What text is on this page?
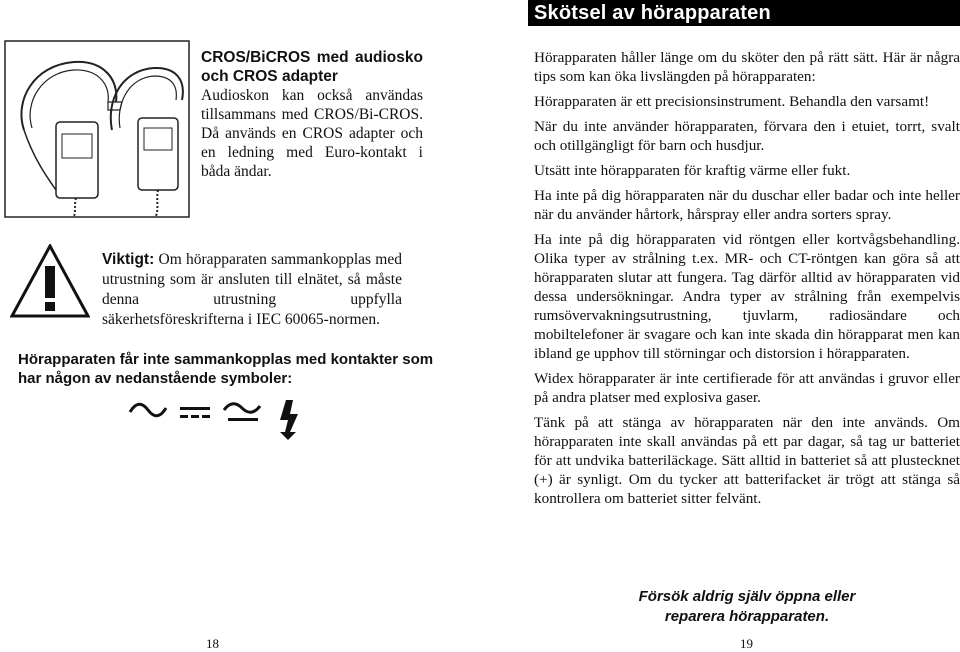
CROS/BiCROS med audiosko och CROS adapter
Audioskon kan också användas tillsammans med CROS/Bi-CROS. Då används en CROS adapter och en ledning med Euro-kontakt i båda ändar.
Viktigt: Om hörapparaten sammankopplas med utrustning som är ansluten till elnätet, så måste denna utrustning uppfylla säkerhetsföreskrifterna i IEC 60065-normen.
Hörapparaten får inte sammankopplas med kontakter som har någon av nedanstående symboler:
18
Skötsel av hörapparaten

Hörapparaten håller länge om du sköter den på rätt sätt. Här är några tips som kan öka livslängden på hörapparaten:

Hörapparaten är ett precisionsinstrument. Behandla den varsamt!

När du inte använder hörapparaten, förvara den i etuiet, torrt, svalt och otillgängligt för barn och husdjur.

Utsätt inte hörapparaten för kraftig värme eller fukt.

Ha inte på dig hörapparaten när du duschar eller badar och inte heller när du använder hårtork, hårspray eller andra sorters spray.

Ha inte på dig hörapparaten vid röntgen eller kortvågsbehandling. Olika typer av strålning t.ex. MR- och CT-röntgen kan göra så att hörapparaten slutar att fungera. Tag därför alltid av hörapparaten vid dessa undersökningar. Andra typer av strålning från exempelvis rumsövervakningsutrustning, tjuvlarm, radiosändare och mobiltelefoner är svagare och kan inte skada din hörapparat men kan ibland ge upphov till störningar och distorsion i hörapparaten.

Widex hörapparater är inte certifierade för att användas i gruvor eller på andra platser med explosiva gaser.

Tänk på att stänga av hörapparaten när den inte används. Om hörapparaten inte skall användas på ett par dagar, så tag ur batteriet för att undvika batteriläckage. Sätt alltid in batteriet så att plustecknet (+) är synligt. Om du tycker att batterifacket är trögt att stänga så kontrollera om batteriet sitter felvänt.

Försök aldrig själv öppna eller
reparera hörapparaten.
19
